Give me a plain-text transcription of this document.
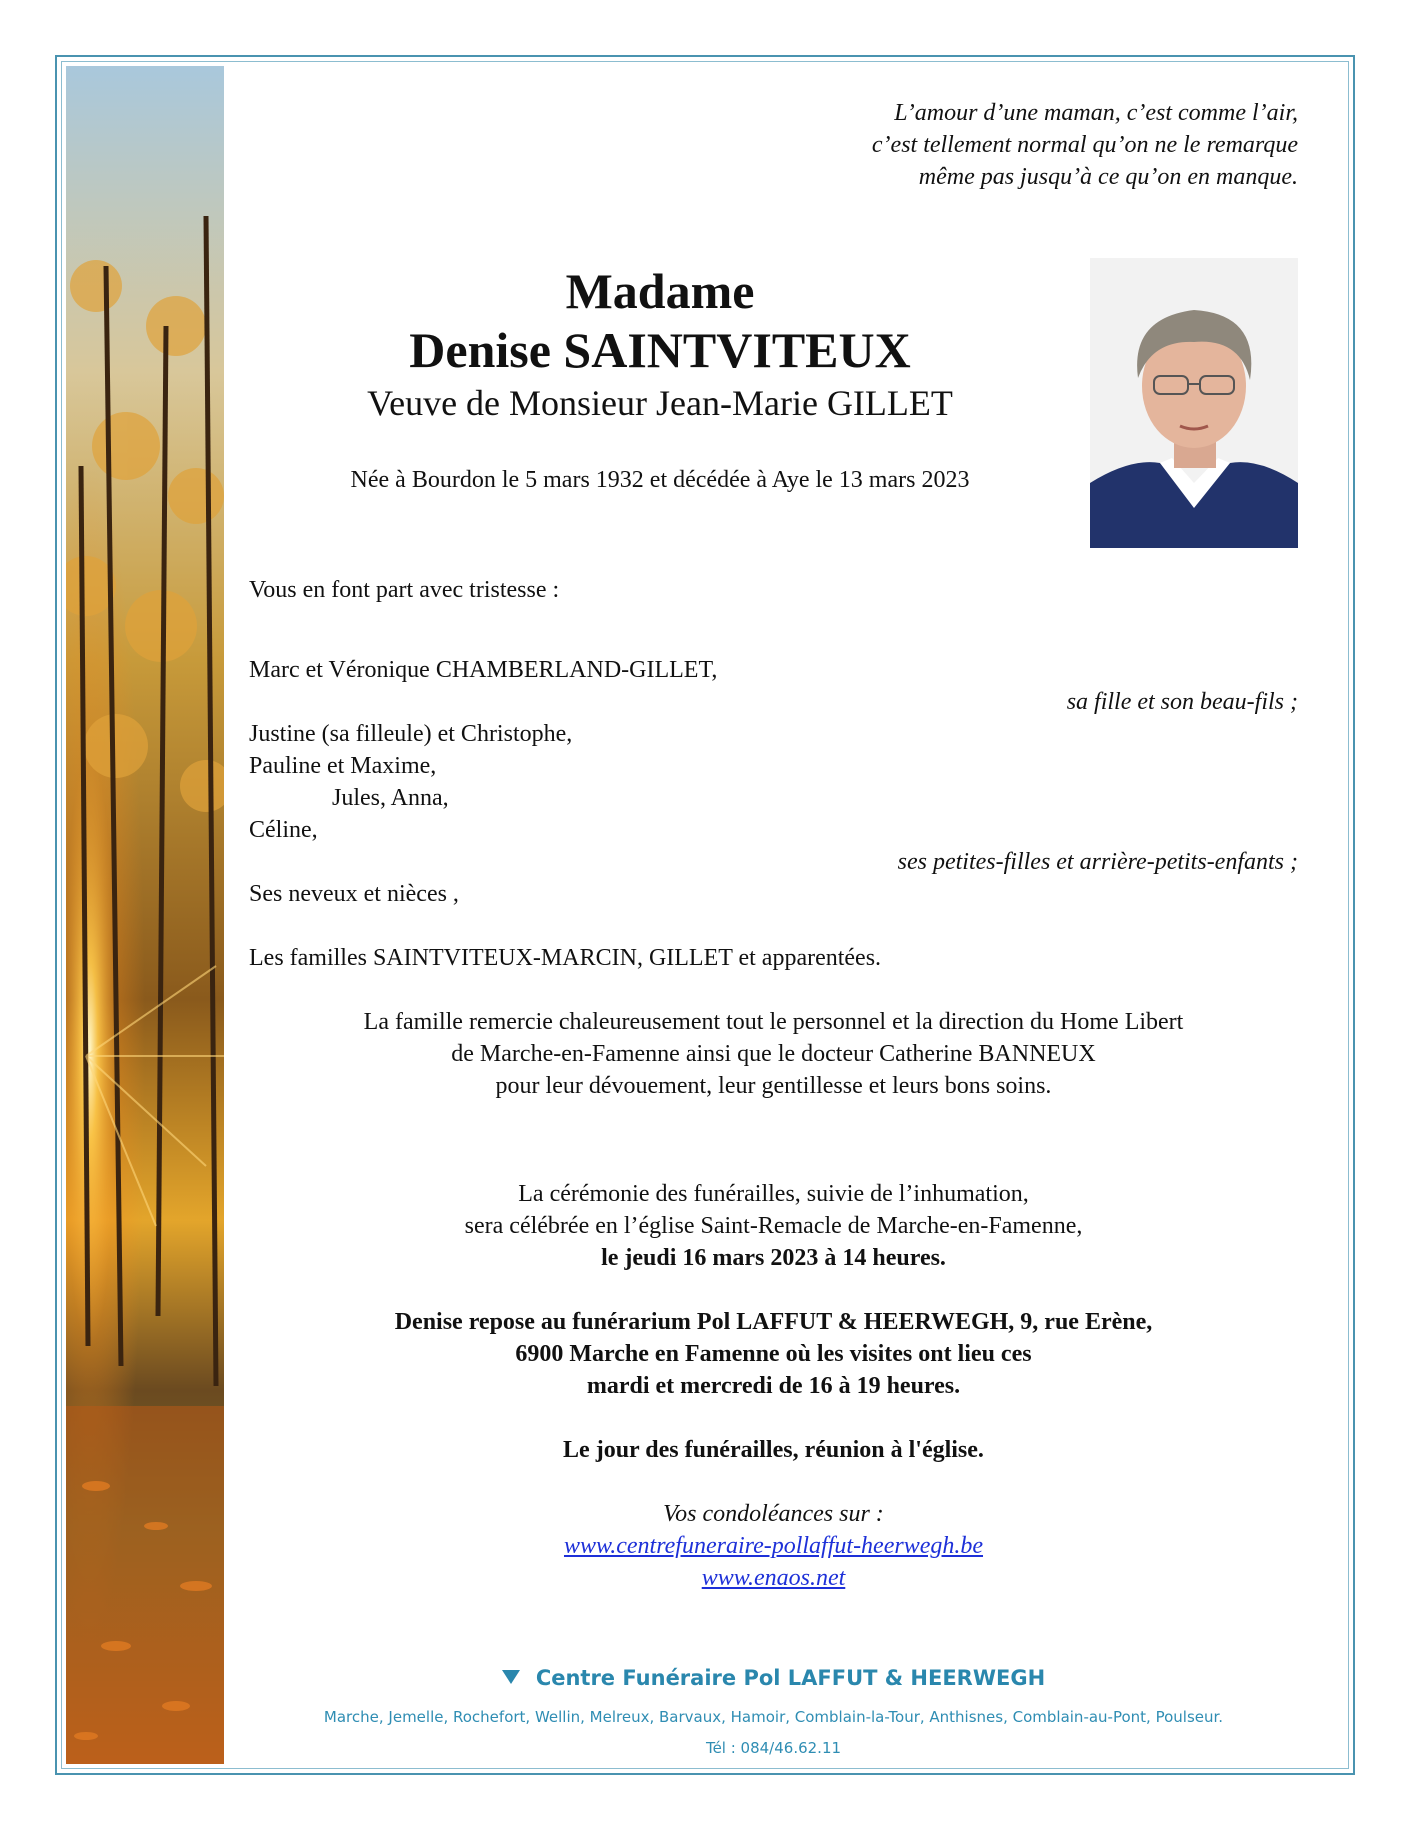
L’amour d’une maman, c’est comme l’air,
c’est tellement normal qu’on ne le remarque
même pas jusqu’à ce qu’on en manque.
Madame
Denise SAINTVITEUX
Veuve de Monsieur Jean-Marie GILLET
Née à Bourdon le 5 mars 1932 et décédée à Aye le 13 mars 2023
Vous en font part avec tristesse :
Marc et Véronique CHAMBERLAND-GILLET,
sa fille et son beau-fils ;
Justine (sa filleule) et Christophe,
Pauline et Maxime,
Jules, Anna,
Céline,
ses petites-filles et arrière-petits-enfants ;
Ses neveux et nièces ,
Les familles SAINTVITEUX-MARCIN, GILLET et apparentées.
La famille remercie chaleureusement tout le personnel et la direction du Home Libert
de Marche-en-Famenne ainsi que le docteur Catherine BANNEUX
pour leur dévouement, leur gentillesse et leurs bons soins.
La cérémonie des funérailles, suivie de l’inhumation,
sera célébrée en l’église Saint-Remacle de Marche-en-Famenne,
le jeudi 16 mars 2023 à 14 heures.
Denise repose au funérarium Pol LAFFUT & HEERWEGH, 9, rue Erène,
6900 Marche en Famenne où les visites ont lieu ces
mardi et mercredi de 16 à 19 heures.
Le jour des funérailles, réunion à l'église.
Vos condoléances sur :
www.centrefuneraire-pollaffut-heerwegh.be
www.enaos.net
Centre Funéraire Pol LAFFUT & HEERWEGH
Marche, Jemelle, Rochefort, Wellin, Melreux, Barvaux, Hamoir, Comblain-la-Tour, Anthisnes, Comblain-au-Pont, Poulseur.
Tél : 084/46.62.11
